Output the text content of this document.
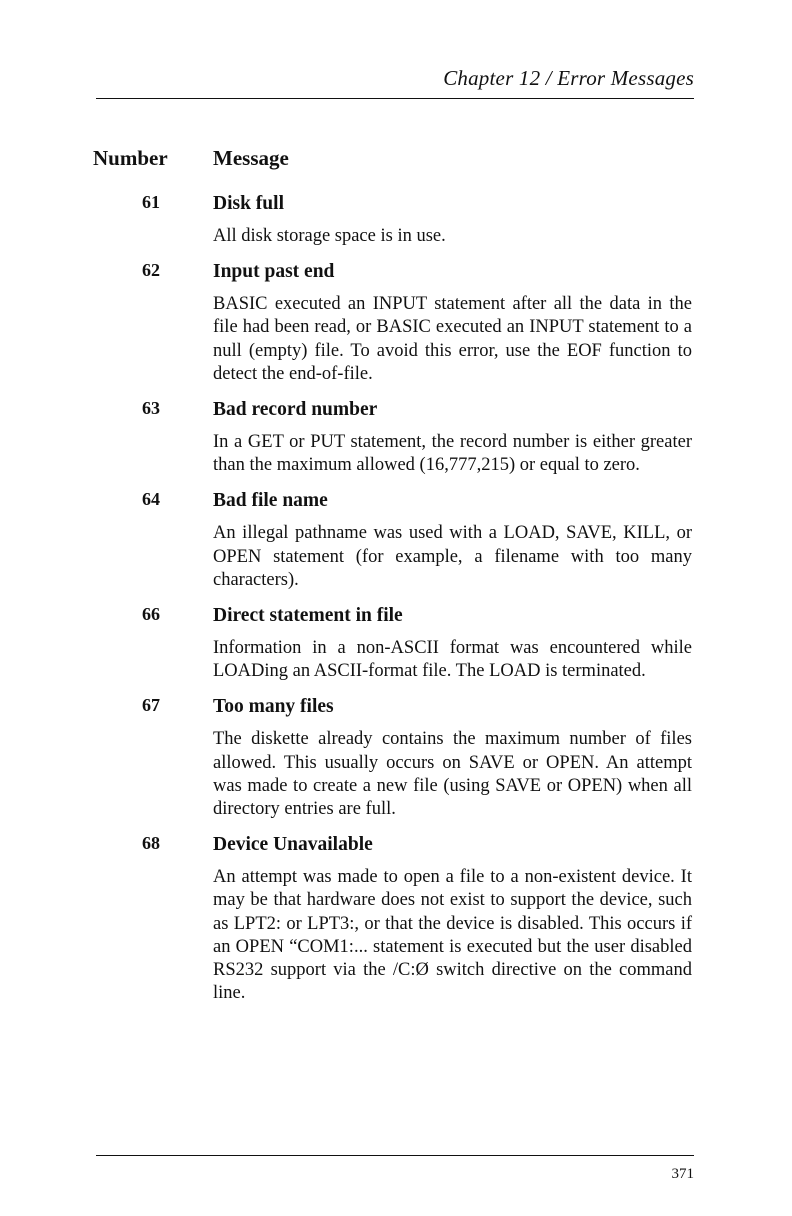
Chapter 12 / Error Messages
Number Message
61	Disk full
All disk storage space is in use.
62	Input past end
BASIC executed an INPUT statement after all the data in the file had been read, or BASIC executed an INPUT statement to a null (empty) file. To avoid this error, use the EOF function to detect the end-of-file.
63	Bad record number
In a GET or PUT statement, the record number is either greater than the maximum allowed (16,777,215) or equal to zero.
64	Bad file name
An illegal pathname was used with a LOAD, SAVE, KILL, or OPEN statement (for example, a filename with too many characters).
66	Direct statement in file
Information in a non-ASCII format was encountered while LOADing an ASCII-format file. The LOAD is terminated.
67	Too many files
The diskette already contains the maximum number of files allowed. This usually occurs on SAVE or OPEN. An attempt was made to create a new file (using SAVE or OPEN) when all directory entries are full.
68	Device Unavailable
An attempt was made to open a file to a non-existent device. It may be that hardware does not exist to support the device, such as LPT2: or LPT3:, or that the device is disabled. This occurs if an OPEN “COM1:... statement is executed but the user disabled RS232 support via the /C:Ø switch directive on the command line.
371
